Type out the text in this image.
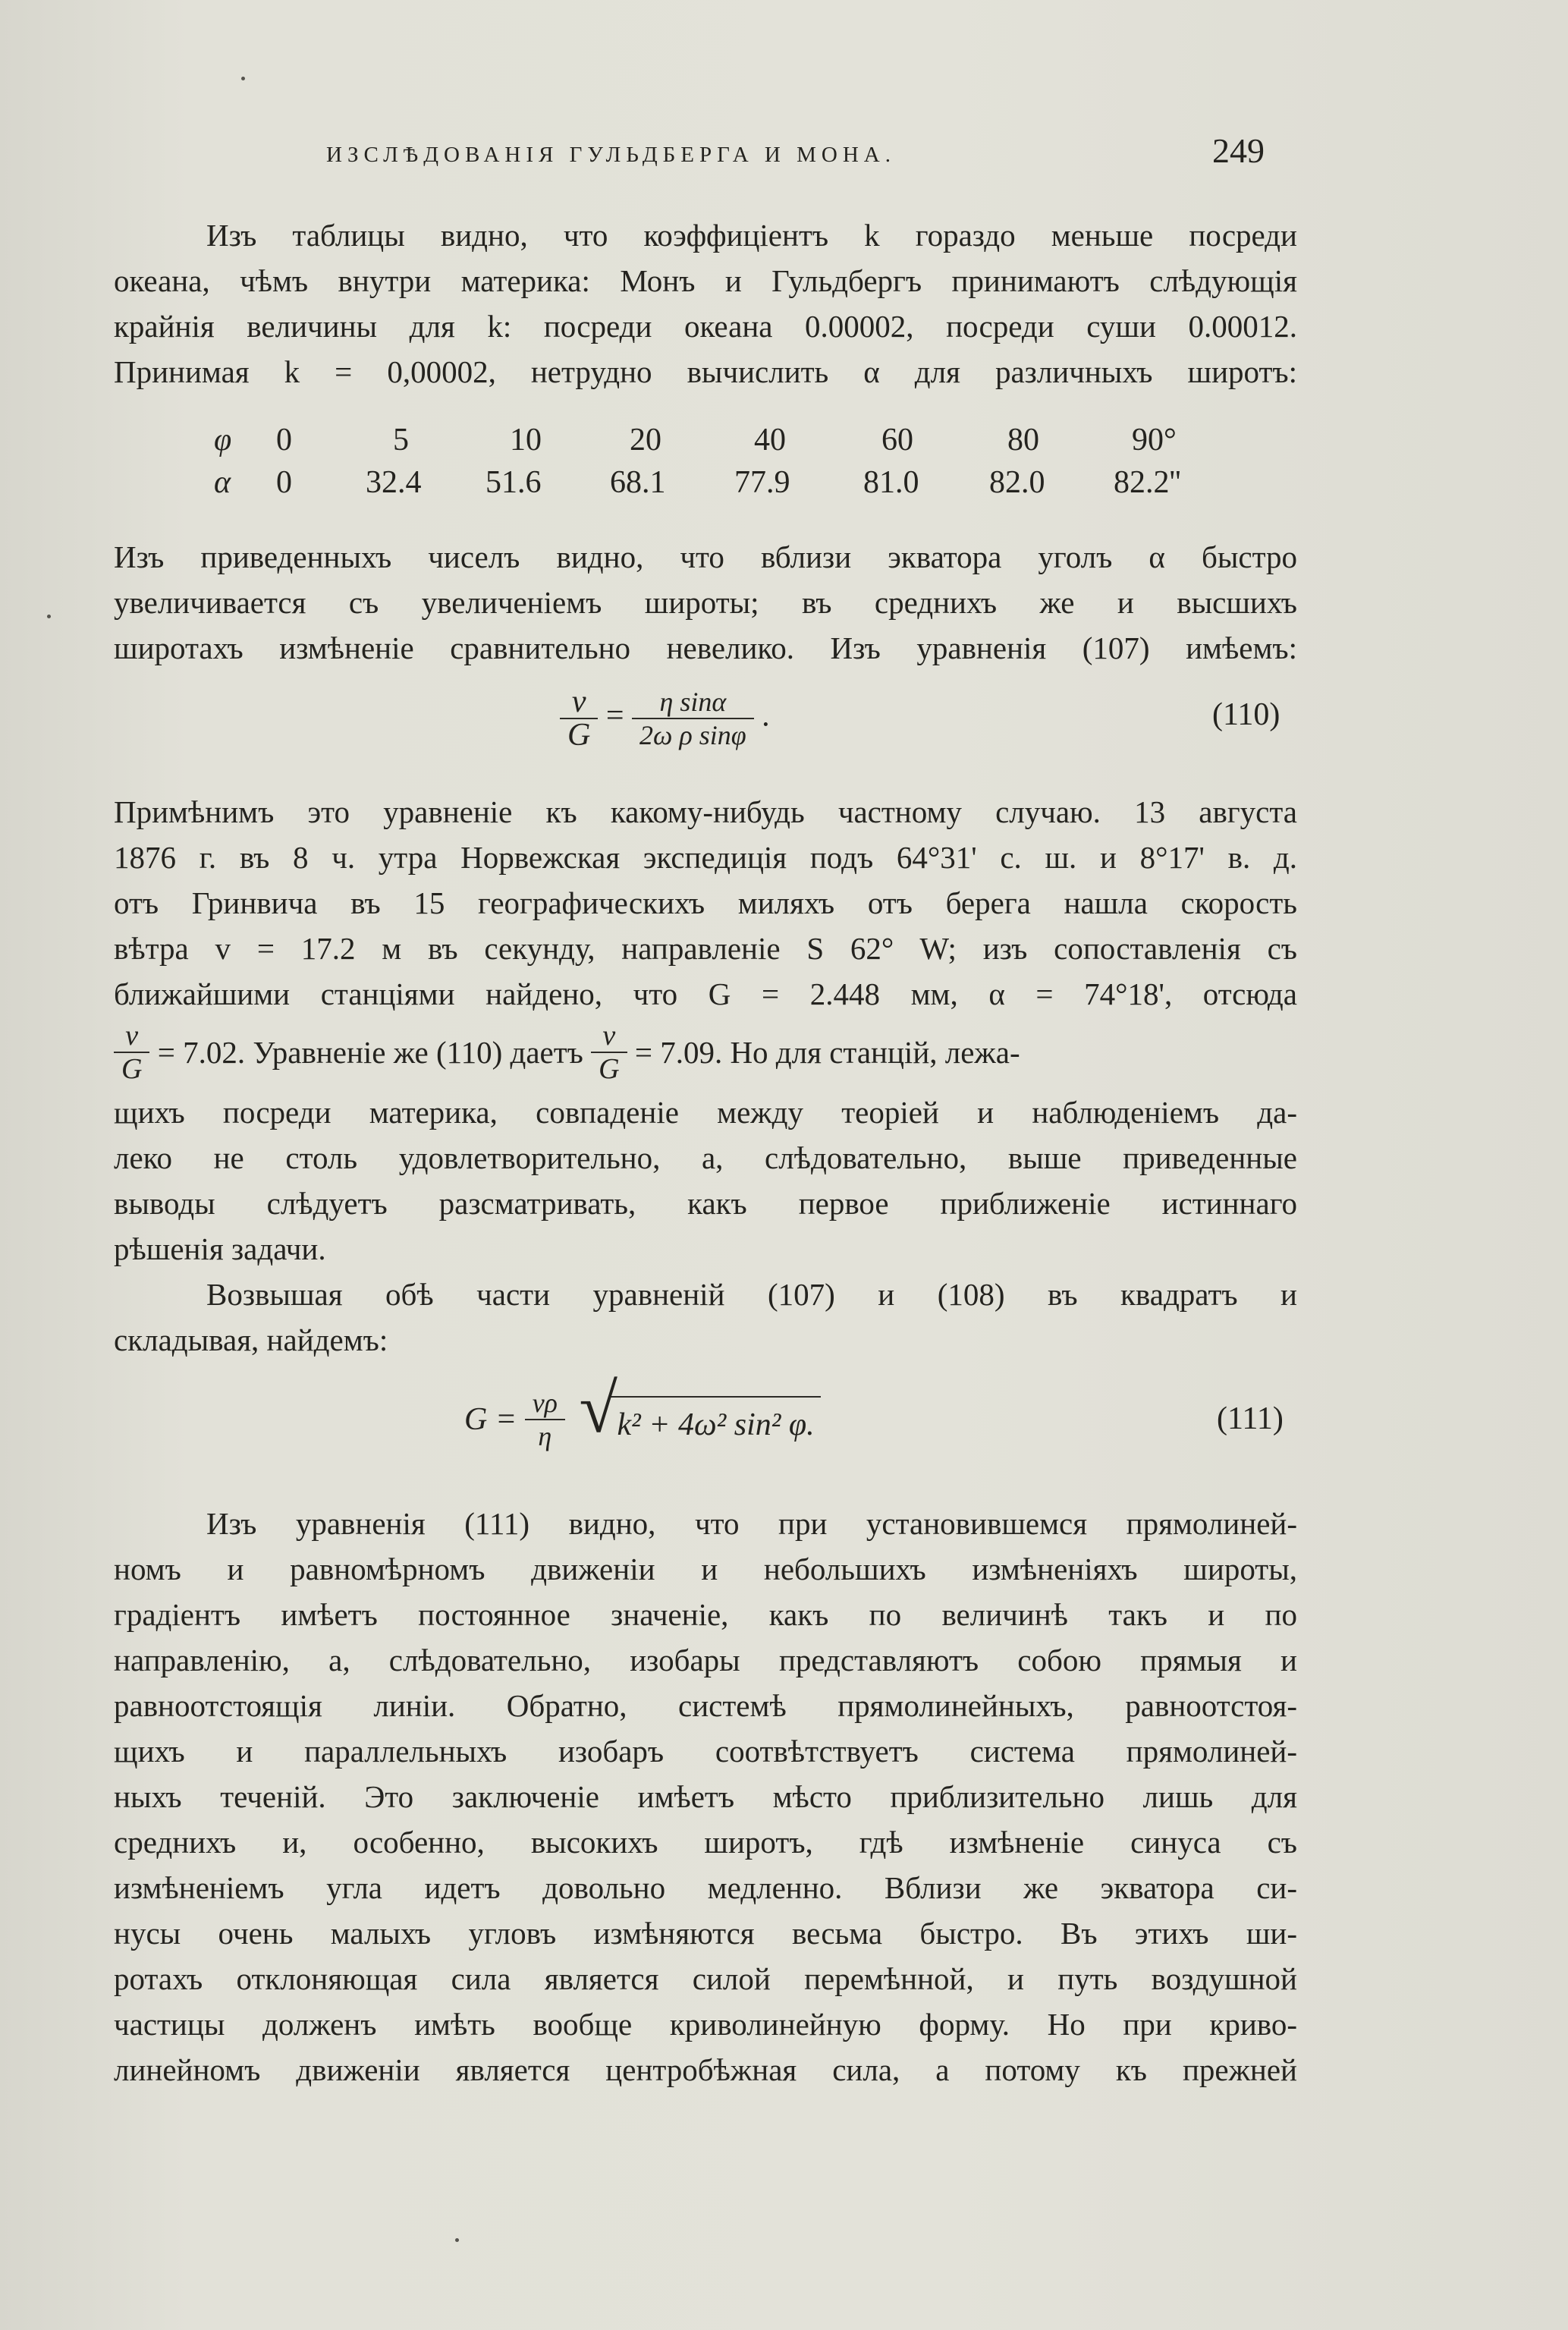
ИЗСЛѢДОВАНІЯ ГУЛЬДБЕРГА И МОНА.	249
Изъ таблицы видно, что коэффиціентъ k гораздо меньше посреди
океана, чѣмъ внутри материка: Монъ и Гульдбергъ принимаютъ слѣдующія
крайнія величины для k: посреди океана 0.00002, посреди суши 0.00012.
Принимая k = 0,00002, нетрудно вычислить α для различныхъ широтъ:
φ 0	5	10	20	40	60	80	90°
α 0 32.4 51.6 68.1 77.9 81.0 82.0 82.2''
Изъ приведенныхъ чиселъ видно, что вблизи экватора уголъ α быстро
увеличивается съ увеличеніемъ широты; въ среднихъ же и высшихъ
широтахъ измѣненіе сравнительно невелико. Изъ уравненія (107) имѣемъ:
$\frac{v}{G} = \frac{\text{η sinα}}{\text{2ω ρ sinφ}}$ .	(110)
Примѣнимъ это уравненіе къ какому-нибудь частному случаю. 13 августа
1876 г. въ 8 ч. утра Норвежская экспедиція подъ 64°31' с. ш. и 8°17' в. д.
отъ Гринвича въ 15 географическихъ миляхъ отъ берега нашла скорость
вѣтра v = 17.2 м въ секунду, направленіе S 62° W; изъ сопоставленія съ
ближайшими станціями найдено, что G = 2.448 мм, α = 74°18', отсюда
$\frac{v}{G} = 7.02$. Уравненіе же (110) даетъ $\frac{v}{G} = 7.09$. Но для станцій, лежа-
щихъ посреди материка, совпаденіе между теоріей и наблюденіемъ да-
леко не столь удовлетворительно, а, слѣдовательно, выше приведенные
выводы слѣдуетъ разсматривать, какъ первое приближеніе истиннаго
рѣшенія задачи.
Возвышая обѣ части уравненій (107) и (108) въ квадратъ и
складывая, найдемъ:
$G = \frac{v\rho}{\eta}$
√ k² + 4ω² sin² φ.	(111)
Изъ уравненія (111) видно, что при установившемся прямолиней-
номъ и равномѣрномъ движеніи и небольшихъ измѣненіяхъ широты,
градіентъ имѣетъ постоянное значеніе, какъ по величинѣ такъ и по
направленію, а, слѣдовательно, изобары представляютъ собою прямыя и
равноотстоящія линіи. Обратно, системѣ прямолинейныхъ, равноотстоя-
щихъ и параллельныхъ изобаръ соотвѣтствуетъ система прямолиней-
ныхъ теченій. Это заключеніе имѣетъ мѣсто приблизительно лишь для
среднихъ и, особенно, высокихъ широтъ, гдѣ измѣненіе синуса съ
измѣненіемъ угла идетъ довольно медленно. Вблизи же экватора си-
нусы очень малыхъ угловъ измѣняются весьма быстро. Въ этихъ ши-
ротахъ отклоняющая сила является силой перемѣнной, и путь воздушной
частицы долженъ имѣть вообще криволинейную форму. Но при криво-
линейномъ движеніи является центробѣжная сила, а потому къ прежней
